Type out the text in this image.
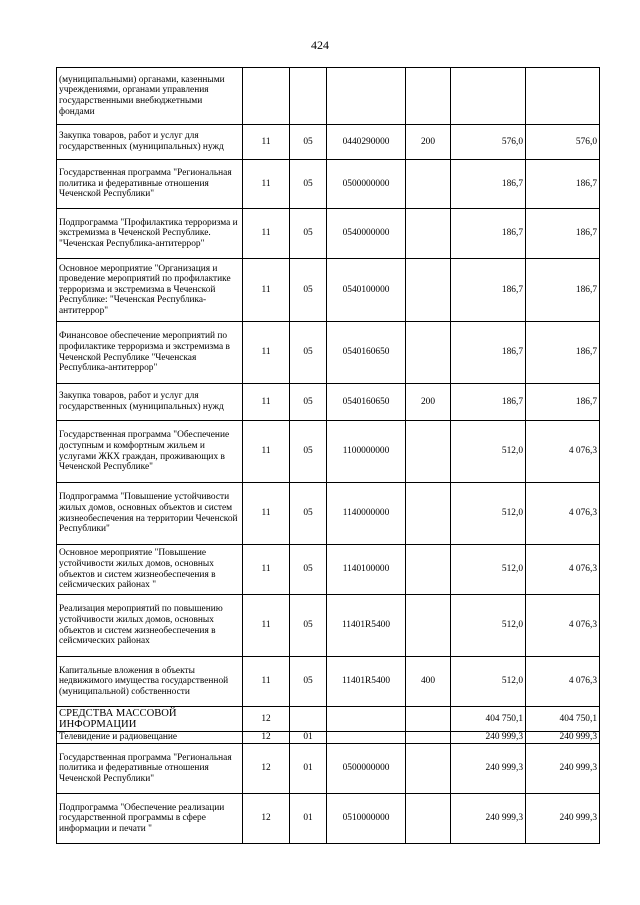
424
(муниципальными) органами, казенными учреждениями, органами управления государственными внебюджетными фондами						
Закупка товаров, работ и услуг для государственных (муниципальных) нужд	11	05	0440290000	200	576,0	576,0
Государственная программа "Региональная политика и федеративные отношения Чеченской Республики"	11	05	0500000000		186,7	186,7
Подпрограмма "Профилактика терроризма и экстремизма в Чеченской Республике. "Чеченская Республика-антитеррор"	11	05	0540000000		186,7	186,7
Основное мероприятие "Организация и проведение мероприятий по профилактике терроризма и экстремизма в Чеченской Республике: "Чеченская Республика-антитеррор"	11	05	0540100000		186,7	186,7
Финансовое обеспечение мероприятий по профилактике терроризма и экстремизма в Чеченской Республике "Чеченская Республика-антитеррор"	11	05	0540160650		186,7	186,7
Закупка товаров, работ и услуг для государственных (муниципальных) нужд	11	05	0540160650	200	186,7	186,7
Государственная программа "Обеспечение доступным и комфортным жильем и услугами ЖКХ граждан, проживающих в Чеченской Республике"	11	05	1100000000		512,0	4 076,3
Подпрограмма "Повышение устойчивости жилых домов, основных объектов и систем жизнеобеспечения на территории Чеченской Республики"	11	05	1140000000		512,0	4 076,3
Основное мероприятие "Повышение устойчивости жилых домов, основных объектов и систем жизнеобеспечения в сейсмических районах "	11	05	1140100000		512,0	4 076,3
Реализация мероприятий по повышению устойчивости жилых домов, основных объектов и систем жизнеобеспечения в сейсмических районах	11	05	11401R5400		512,0	4 076,3
Капитальные вложения в объекты недвижимого имущества государственной (муниципальной) собственности	11	05	11401R5400	400	512,0	4 076,3
СРЕДСТВА МАССОВОЙ ИНФОРМАЦИИ	12				404 750,1	404 750,1
Телевидение и радиовещание	12	01			240 999,3	240 999,3
Государственная программа "Региональная политика и федеративные отношения Чеченской Республики"	12	01	0500000000		240 999,3	240 999,3
Подпрограмма "Обеспечение реализации государственной программы в сфере информации и печати "	12	01	0510000000		240 999,3	240 999,3
